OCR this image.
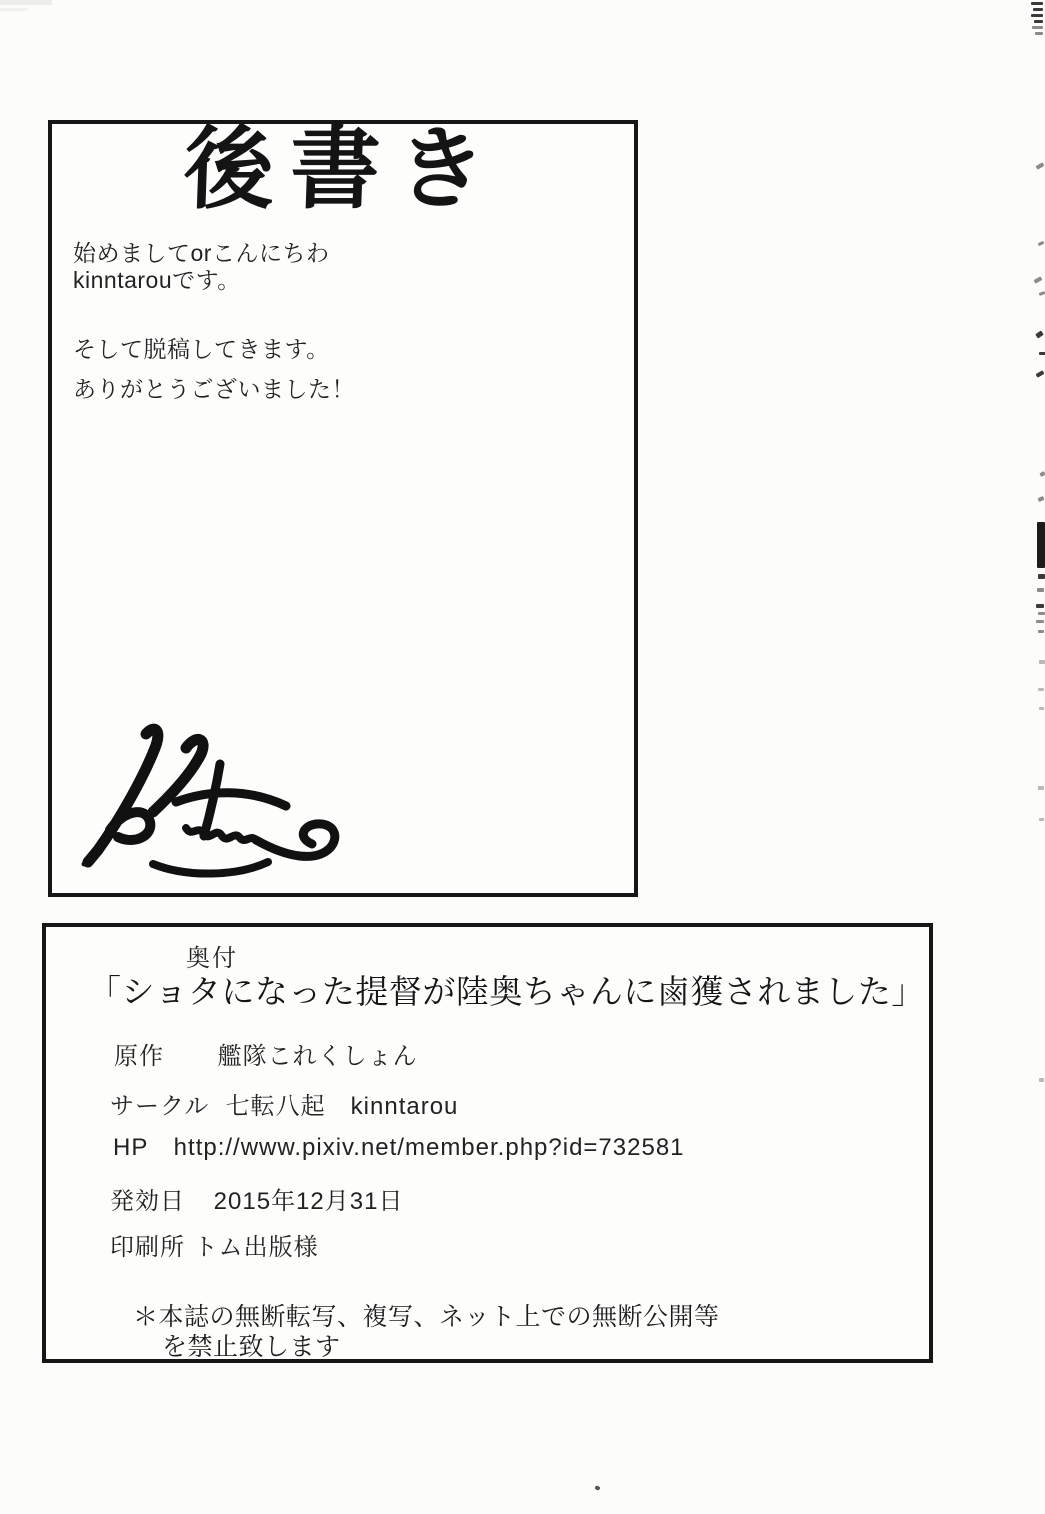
後書き
始めましてorこんにちわ
kinntarouです。
そして脱稿してきます。
ありがとうございました！
奥付
「ショタになった提督が陸奥ちゃんに鹵獲されました」
原作 艦隊これくしょん
サークル 七転八起　kinntarou
HP http://www.pixiv.net/member.php?id=732581
発効日 2015年12月31日
印刷所 トム出版様
＊本誌の無断転写、複写、ネット上での無断公開等
を禁止致します
